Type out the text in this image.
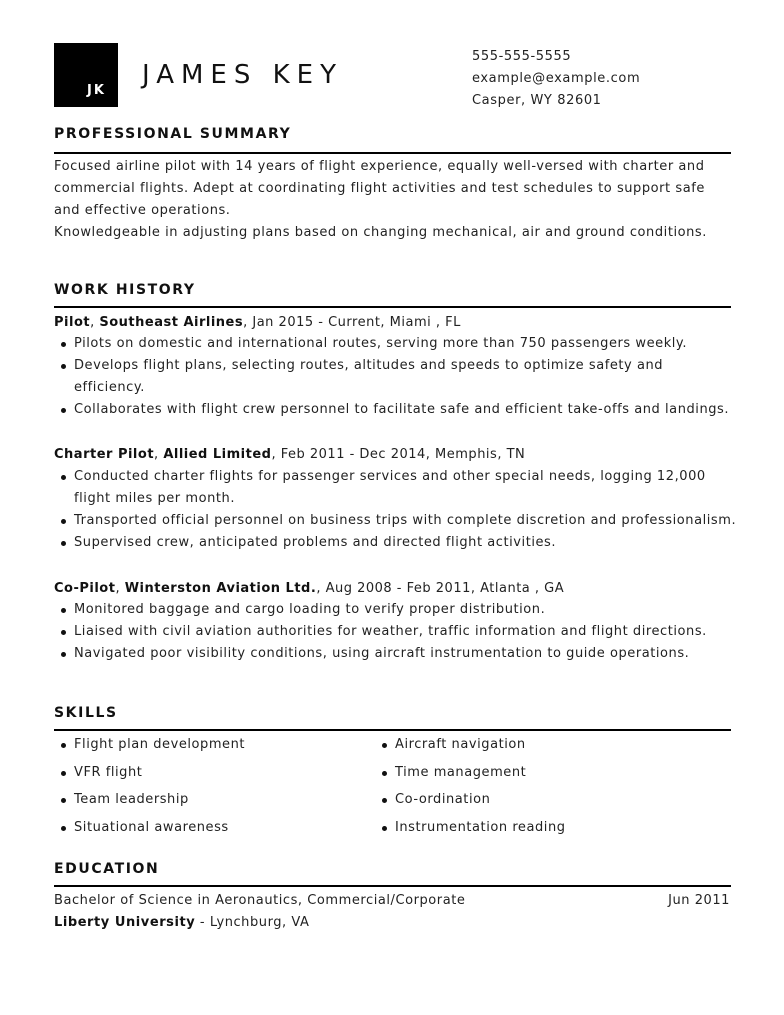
JK
JAMES KEY
555-555-5555
example@example.com
Casper, WY 82601
PROFESSIONAL SUMMARY
Focused airline pilot with 14 years of flight experience, equally well-versed with charter and commercial flights. Adept at coordinating flight activities and test schedules to support safe and effective operations.
Knowledgeable in adjusting plans based on changing mechanical, air and ground conditions.
WORK HISTORY
Pilot, Southeast Airlines, Jan 2015 - Current, Miami , FL
Pilots on domestic and international routes, serving more than 750 passengers weekly.
Develops flight plans, selecting routes, altitudes and speeds to optimize safety and efficiency.
Collaborates with flight crew personnel to facilitate safe and efficient take-offs and landings.
Charter Pilot, Allied Limited, Feb 2011 - Dec 2014, Memphis, TN
Conducted charter flights for passenger services and other special needs, logging 12,000 flight miles per month.
Transported official personnel on business trips with complete discretion and professionalism.
Supervised crew, anticipated problems and directed flight activities.
Co-Pilot, Winterston Aviation Ltd., Aug 2008 - Feb 2011, Atlanta , GA
Monitored baggage and cargo loading to verify proper distribution.
Liaised with civil aviation authorities for weather, traffic information and flight directions.
Navigated poor visibility conditions, using aircraft instrumentation to guide operations.
SKILLS
Flight plan development	Aircraft navigation
VFR flight	Time management
Team leadership	Co-ordination
Situational awareness	Instrumentation reading
EDUCATION
Bachelor of Science in Aeronautics, Commercial/Corporate	Jun 2011
Liberty University - Lynchburg, VA
